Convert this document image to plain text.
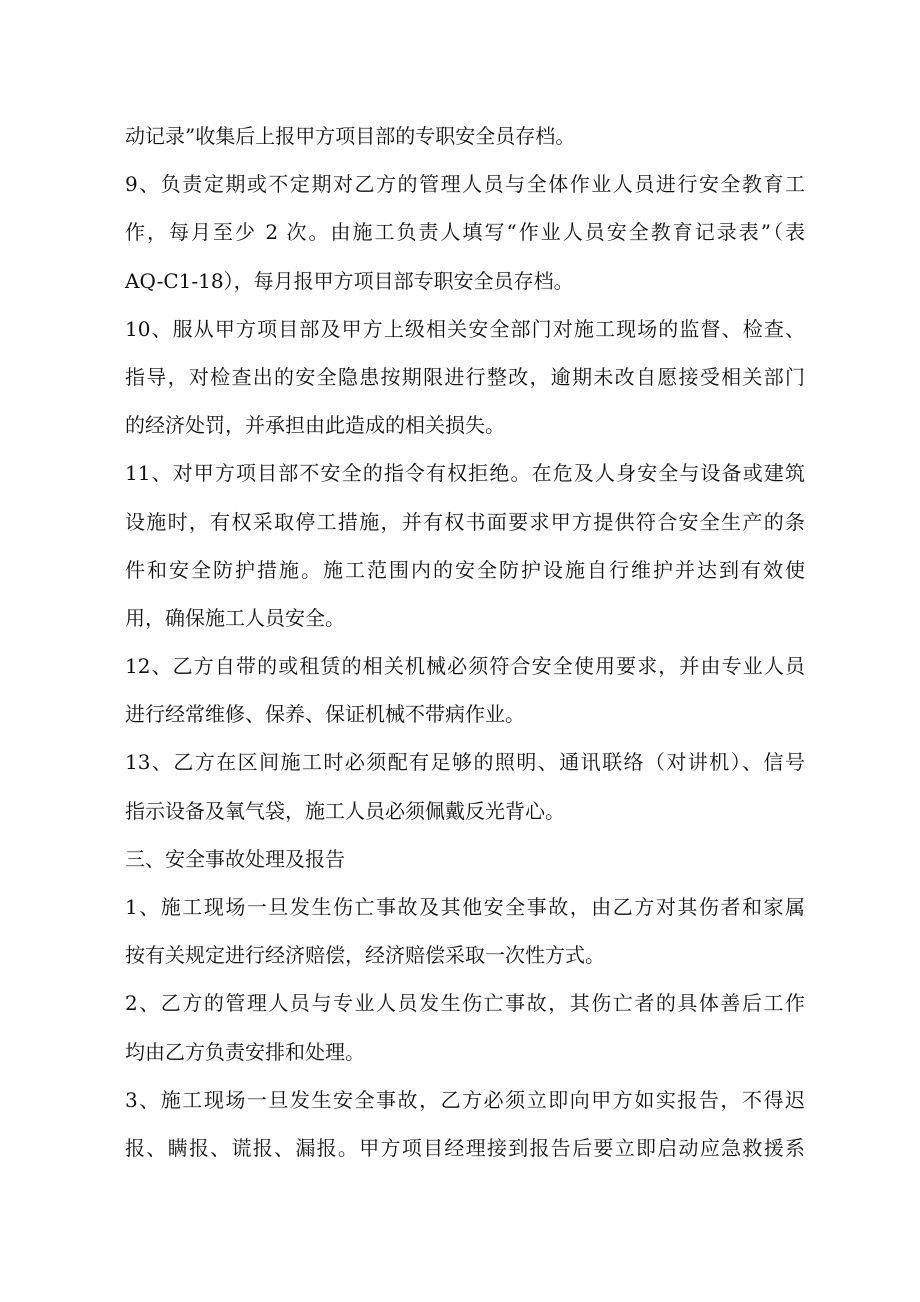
动记录”收集后上报甲方项目部的专职安全员存档。
9、负责定期或不定期对乙方的管理人员与全体作业人员进行安全教育工
作，每月至少 2 次。由施工负责人填写“作业人员安全教育记录表”（表
AQ-C1-18），每月报甲方项目部专职安全员存档。
10、服从甲方项目部及甲方上级相关安全部门对施工现场的监督、检查、
指导，对检查出的安全隐患按期限进行整改，逾期未改自愿接受相关部门
的经济处罚，并承担由此造成的相关损失。
11、对甲方项目部不安全的指令有权拒绝。在危及人身安全与设备或建筑
设施时，有权采取停工措施，并有权书面要求甲方提供符合安全生产的条
件和安全防护措施。施工范围内的安全防护设施自行维护并达到有效使
用，确保施工人员安全。
12、乙方自带的或租赁的相关机械必须符合安全使用要求，并由专业人员
进行经常维修、保养、保证机械不带病作业。
13、乙方在区间施工时必须配有足够的照明、通讯联络（对讲机）、信号
指示设备及氧气袋，施工人员必须佩戴反光背心。
三、安全事故处理及报告
1、施工现场一旦发生伤亡事故及其他安全事故，由乙方对其伤者和家属
按有关规定进行经济赔偿，经济赔偿采取一次性方式。
2、乙方的管理人员与专业人员发生伤亡事故，其伤亡者的具体善后工作
均由乙方负责安排和处理。
3、施工现场一旦发生安全事故，乙方必须立即向甲方如实报告，不得迟
报、瞒报、谎报、漏报。甲方项目经理接到报告后要立即启动应急救援系
